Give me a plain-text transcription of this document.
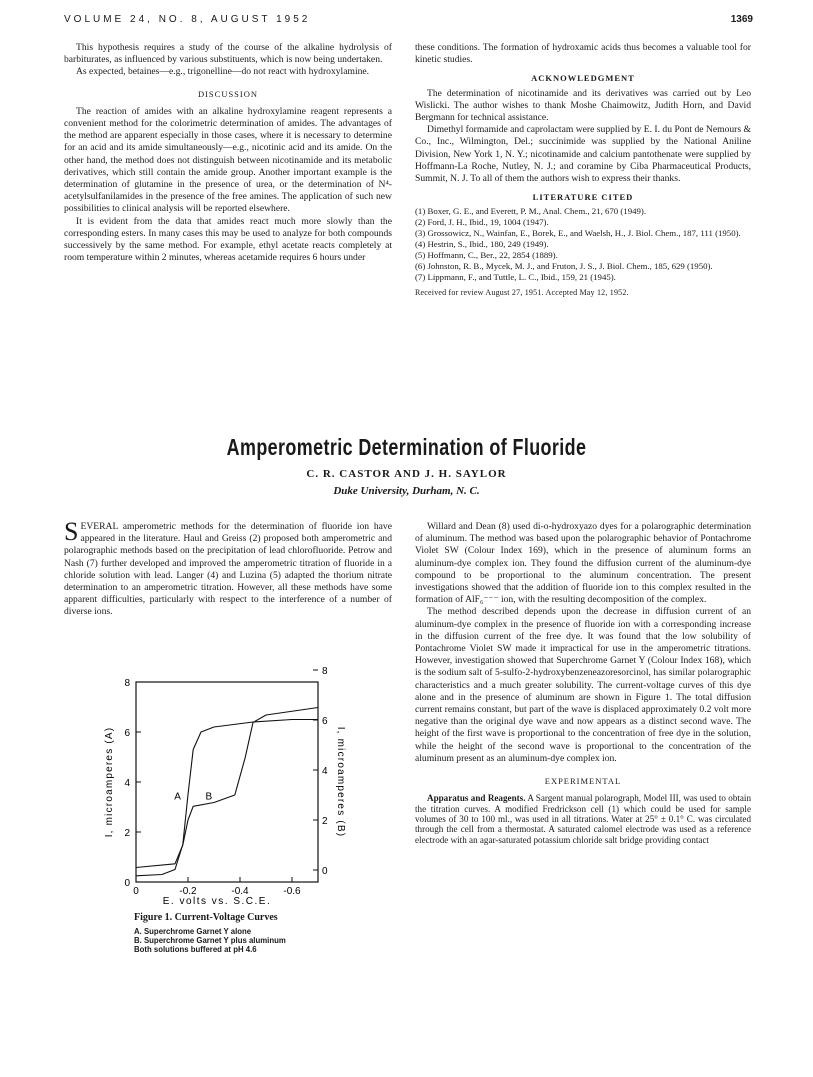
VOLUME 24, NO. 8, AUGUST 1952	1369

This hypothesis requires a study of the course of the alkaline hydrolysis of barbiturates, as influenced by various substituents, which is now being undertaken.

As expected, betaines—e.g., trigonelline—do not react with hydroxylamine.

DISCUSSION

The reaction of amides with an alkaline hydroxylamine reagent represents a convenient method for the colorimetric determination of amides. The advantages of the method are apparent especially in those cases, where it is necessary to determine for an acid and its amide simultaneously—e.g., nicotinic acid and its amide. On the other hand, the method does not distinguish between nicotinamide and its metabolic derivatives, which still contain the amide group. Another important example is the determination of glutamine in the presence of urea, or the determination of N⁴-acetylsulfanilamides in the presence of the free amines. The application of such new possibilities to clinical analysis will be reported elsewhere.

It is evident from the data that amides react much more slowly than the corresponding esters. In many cases this may be used to analyze for both compounds successively by the same method. For example, ethyl acetate reacts completely at room temperature within 2 minutes, whereas acetamide requires 6 hours under

these conditions. The formation of hydroxamic acids thus becomes a valuable tool for kinetic studies.

ACKNOWLEDGMENT

The determination of nicotinamide and its derivatives was carried out by Leo Wislicki. The author wishes to thank Moshe Chaimowitz, Judith Horn, and David Bergmann for technical assistance.

Dimethyl formamide and caprolactam were supplied by E. I. du Pont de Nemours & Co., Inc., Wilmington, Del.; succinimide was supplied by the National Aniline Division, New York 1, N. Y.; nicotinamide and calcium pantothenate were supplied by Hoffmann-La Roche, Nutley, N. J.; and coramine by Ciba Pharmaceutical Products, Summit, N. J. To all of them the authors wish to express their thanks.

LITERATURE CITED
(1) Boxer, G. E., and Everett, P. M., Anal. Chem., 21, 670 (1949).
(2) Ford, J. H., Ibid., 19, 1004 (1947).
(3) Grossowicz, N., Wainfan, E., Borek, E., and Waelsh, H., J. Biol. Chem., 187, 111 (1950).
(4) Hestrin, S., Ibid., 180, 249 (1949).
(5) Hoffmann, C., Ber., 22, 2854 (1889).
(6) Johnston, R. B., Mycek, M. J., and Fruton, J. S., J. Biol. Chem., 185, 629 (1950).
(7) Lippmann, F., and Tuttle, L. C., Ibid., 159, 21 (1945).
Received for review August 27, 1951. Accepted May 12, 1952.
Amperometric Determination of Fluoride
C. R. CASTOR AND J. H. SAYLOR
Duke University, Durham, N. C.

SEVERAL amperometric methods for the determination of fluoride ion have appeared in the literature. Haul and Greiss (2) proposed both amperometric and polarographic methods based on the precipitation of lead chlorofluoride. Petrow and Nash (7) further developed and improved the amperometric titration of fluoride in a chloride solution with lead. Langer (4) and Luzina (5) adapted the thorium nitrate determination to an amperometric titration. However, all these methods have some apparent difficulties, particularly with respect to the interference of a number of diverse ions.

0
2
4
6
8
0
2
4
6
8
0	-0.2	-0.4	-0.6
E, volts vs. S.C.E.
I, microamperes (A)	I, microamperes (B)
A B
Figure 1. Current-Voltage Curves
A. Superchrome Garnet Y alone
B. Superchrome Garnet Y plus aluminum
Both solutions buffered at pH 4.6

Willard and Dean (8) used di-o-hydroxyazo dyes for a polarographic determination of aluminum. The method was based upon the polarographic behavior of Pontachrome Violet SW (Colour Index 169), which in the presence of aluminum forms an aluminum-dye complex ion. They found the diffusion current of the aluminum-dye compound to be proportional to the aluminum concentration. The present investigations showed that the addition of fluoride ion to this complex resulted in the formation of AlF₆⁻⁻⁻ ion, with the resulting decomposition of the complex.

The method described depends upon the decrease in diffusion current of an aluminum-dye complex in the presence of fluoride ion with a corresponding increase in the diffusion current of the free dye. It was found that the low solubility of Pontachrome Violet SW made it impractical for use in the amperometric titrations. However, investigation showed that Superchrome Garnet Y (Colour Index 168), which is the sodium salt of 5-sulfo-2-hydroxybenzeneazoresorcinol, has similar polarographic characteristics and a much greater solubility. The current-voltage curves of this dye alone and in the presence of aluminum are shown in Figure 1. The total diffusion current remains constant, but part of the wave is displaced approximately 0.2 volt more negative than the original dye wave and now appears as a distinct second wave. The height of the first wave is proportional to the concentration of free dye in the solution, while the height of the second wave is proportional to the concentration of the aluminum present as an aluminum-dye complex ion.

EXPERIMENTAL

Apparatus and Reagents. A Sargent manual polarograph, Model III, was used to obtain the titration curves. A modified Fredrickson cell (1) which could be used for sample volumes of 30 to 100 ml., was used in all titrations. Water at 25° ± 0.1° C. was circulated through the cell from a thermostat. A saturated calomel electrode was used as a reference electrode with an agar-saturated potassium chloride salt bridge providing contact
